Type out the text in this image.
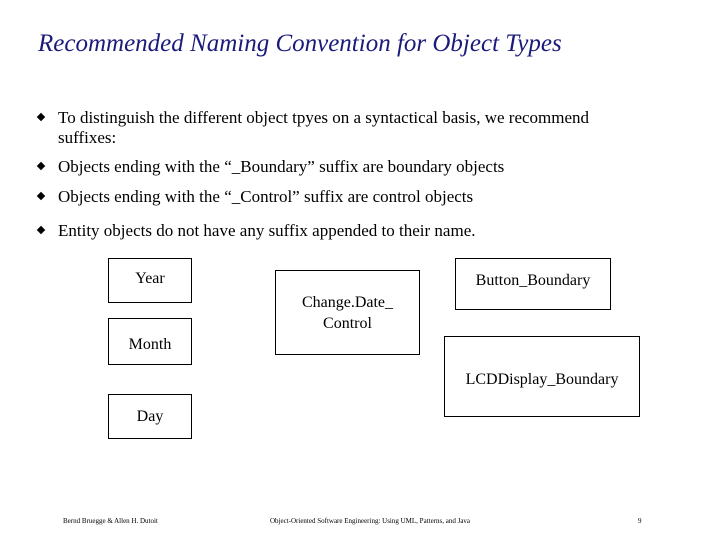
Recommended Naming Convention for Object Types
To distinguish the different object tpyes on a syntactical basis, we recommend suffixes:
Objects ending with the “_Boundary” suffix are boundary objects
Objects ending with the “_Control” suffix are control objects
Entity objects do not have any suffix appended to their name.
Year
Month
Day
Change.Date_
Control
Button_Boundary
LCDDisplay_Boundary
Bernd Bruegge & Allen H. Dutoit	Object-Oriented Software Engineering: Using UML, Patterns, and Java	9
